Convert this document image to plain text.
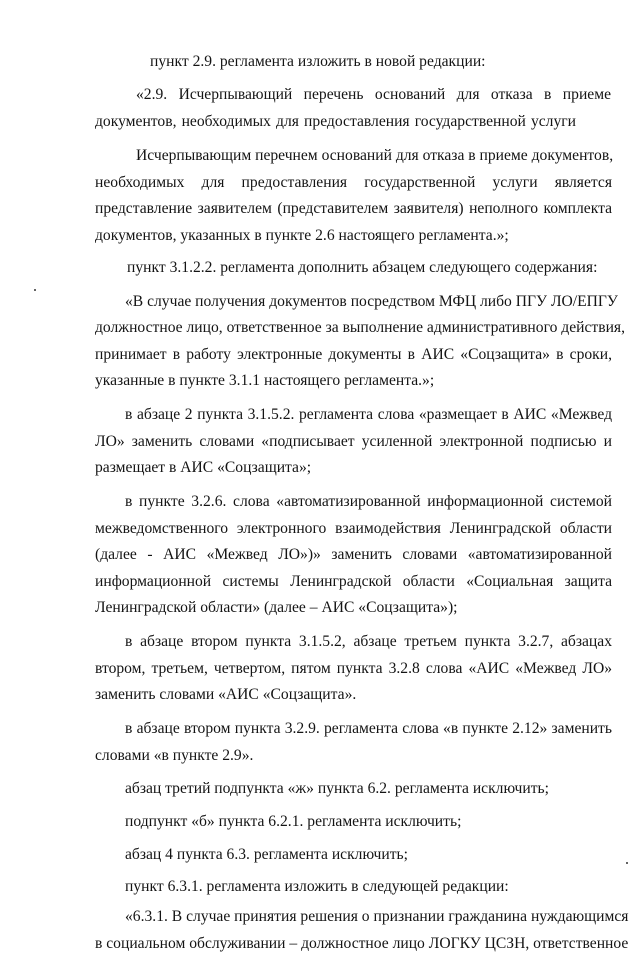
пункт 2.9. регламента изложить в новой редакции:
«2.9. Исчерпывающий перечень оснований для отказа в приеме
документов, необходимых для предоставления государственной услуги
Исчерпывающим перечнем оснований для отказа в приеме документов,
необходимых для предоставления государственной услуги является
представление заявителем (представителем заявителя) неполного комплекта
документов, указанных в пункте 2.6 настоящего регламента.»;
пункт 3.1.2.2. регламента дополнить абзацем следующего содержания:
«В случае получения документов посредством МФЦ либо ПГУ ЛО/ЕПГУ
должностное лицо, ответственное за выполнение административного действия,
принимает в работу электронные документы в АИС «Соцзащита» в сроки,
указанные в пункте 3.1.1 настоящего регламента.»;
в абзаце 2 пункта 3.1.5.2. регламента слова «размещает в АИС «Межвед
ЛО» заменить словами «подписывает усиленной электронной подписью и
размещает в АИС «Соцзащита»;
в пункте 3.2.6. слова «автоматизированной информационной системой
межведомственного электронного взаимодействия Ленинградской области
(далее - АИС «Межвед ЛО»)» заменить словами «автоматизированной
информационной системы Ленинградской области «Социальная защита
Ленинградской области» (далее – АИС «Соцзащита»);
в абзаце втором пункта 3.1.5.2, абзаце третьем пункта 3.2.7, абзацах
втором, третьем, четвертом, пятом пункта 3.2.8 слова «АИС «Межвед ЛО»
заменить словами «АИС «Соцзащита».
в абзаце втором пункта 3.2.9. регламента слова «в пункте 2.12» заменить
словами «в пункте 2.9».
абзац третий подпункта «ж» пункта 6.2. регламента исключить;
подпункт «б» пункта 6.2.1. регламента исключить;
абзац 4 пункта 6.3. регламента исключить;
пункт 6.3.1. регламента изложить в следующей редакции:
«6.3.1. В случае принятия решения о признании гражданина нуждающимся
в социальном обслуживании – должностное лицо ЛОГКУ ЦСЗН, ответственное
